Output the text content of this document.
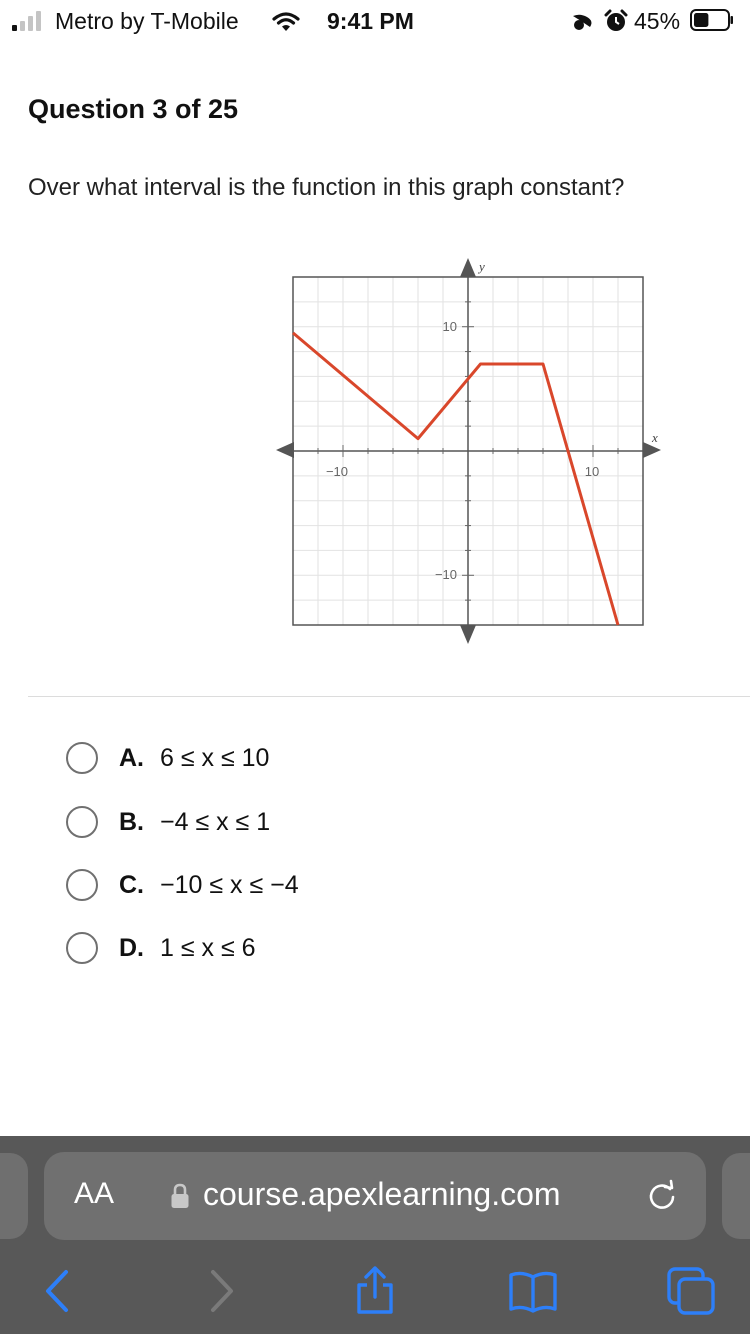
Metro by T-Mobile	9:41 PM	45%
Question 3 of 25
Over what interval is the function in this graph constant?
y
x
−10	10
10
−10
A. 6 ≤ x ≤ 10
B. −4 ≤ x ≤ 1
C. −10 ≤ x ≤ −4
D. 1 ≤ x ≤ 6
AA	course.apexlearning.com
